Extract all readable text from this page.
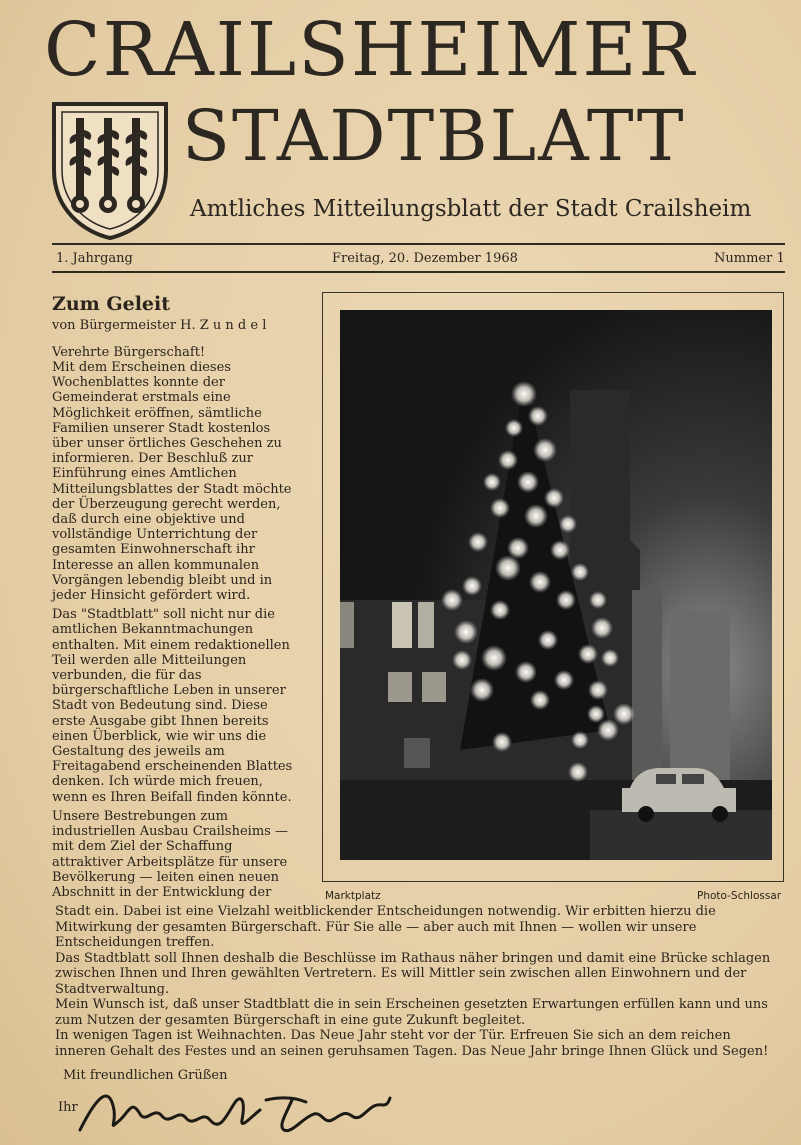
CRAILSHEIMER
STADTBLATT
Amtliches Mitteilungsblatt der Stadt Crailsheim
1. Jahrgang	Freitag, 20. Dezember 1968	Nummer 1
Zum Geleit
von Bürgermeister H. Z u n d e l
Verehrte Bürgerschaft!

Mit dem Erscheinen dieses Wochenblattes konnte der Gemeinderat erstmals eine Möglichkeit eröffnen, sämtliche Familien unserer Stadt kostenlos über unser örtliches Geschehen zu informieren. Der Beschluß zur Einführung eines Amtlichen Mitteilungsblattes der Stadt möchte der Überzeugung gerecht werden, daß durch eine objektive und vollständige Unterrichtung der gesamten Einwohnerschaft ihr Interesse an allen kommunalen Vorgängen lebendig bleibt und in jeder Hinsicht gefördert wird.

Das "Stadtblatt" soll nicht nur die amtlichen Bekanntmachungen enthalten. Mit einem redaktionellen Teil werden alle Mitteilungen verbunden, die für das bürgerschaftliche Leben in unserer Stadt von Bedeutung sind. Diese erste Ausgabe gibt Ihnen bereits einen Überblick, wie wir uns die Gestaltung des jeweils am Freitagabend erscheinenden Blattes denken. Ich würde mich freuen, wenn es Ihren Beifall finden könnte.

Unsere Bestrebungen zum industriellen Ausbau Crailsheims — mit dem Ziel der Schaffung attraktiver Arbeitsplätze für unsere Bevölkerung — leiten einen neuen Abschnitt in der Entwicklung der	Marktplatz	Photo-Schlossar

Stadt ein. Dabei ist eine Vielzahl weitblickender Entscheidungen notwendig. Wir erbitten hierzu die Mitwirkung der gesamten Bürgerschaft. Für Sie alle — aber auch mit Ihnen — wollen wir unsere Entscheidungen treffen.

Das Stadtblatt soll Ihnen deshalb die Beschlüsse im Rathaus näher bringen und damit eine Brücke schlagen zwischen Ihnen und Ihren gewählten Vertretern. Es will Mittler sein zwischen allen Einwohnern und der Stadtverwaltung.

Mein Wunsch ist, daß unser Stadtblatt die in sein Erscheinen gesetzten Erwartungen erfüllen kann und uns zum Nutzen der gesamten Bürgerschaft in eine gute Zukunft begleitet.

In wenigen Tagen ist Weihnachten. Das Neue Jahr steht vor der Tür. Erfreuen Sie sich an dem reichen inneren Gehalt des Festes und an seinen geruhsamen Tagen. Das Neue Jahr bringe Ihnen Glück und Segen!

Mit freundlichen Grüßen
Ihr
